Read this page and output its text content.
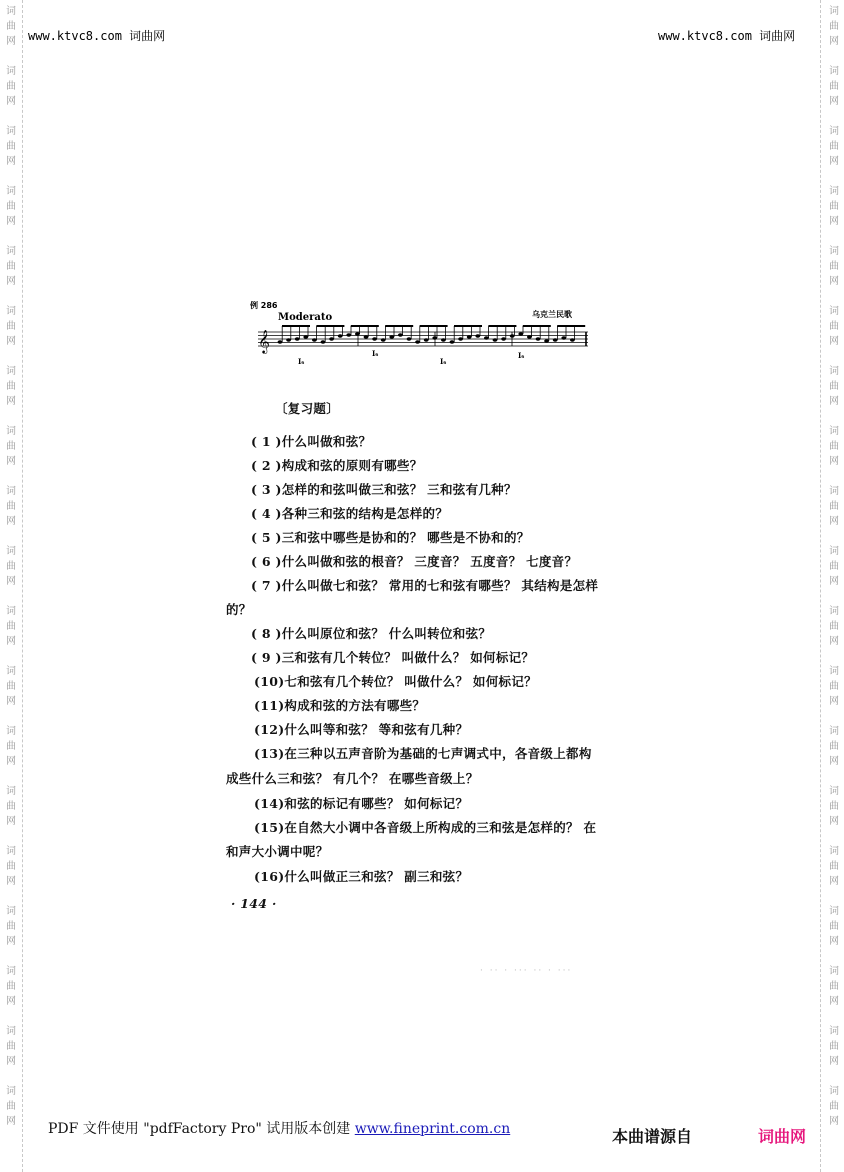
词
曲
网
词
曲
网
词
曲
网
词
曲
网
词
曲
网
词
曲
网
词
曲
网
词
曲
网
词
曲
网
词
曲
网
词
曲
网
词
曲
网
词
曲
网
词
曲
网
词
曲
网
词
曲
网
词
曲
网
词
曲
网
词
曲
网
词
曲
网
词
曲
网
词
曲
网
词
曲
网
词
曲
网
词
曲
网
词
曲
网
词
曲
网
词
曲
网
词
曲
网
词
曲
网
词
曲
网
词
曲
网
词
曲
网
词
曲
网
词
曲
网
词
曲
网
词
曲
网
词
曲
网
www.ktvc8.com 词曲网	www.ktvc8.com 词曲网
例 286
Moderato	乌克兰民歌
𝄞
I₆
I₆
I₆
I₆
〔复习题〕
( 1 )什么叫做和弦？
( 2 )构成和弦的原则有哪些？
( 3 )怎样的和弦叫做三和弦？ 三和弦有几种？
( 4 )各种三和弦的结构是怎样的？
( 5 )三和弦中哪些是协和的？ 哪些是不协和的？
( 6 )什么叫做和弦的根音？ 三度音？ 五度音？ 七度音？
( 7 )什么叫做七和弦？ 常用的七和弦有哪些？ 其结构是怎样
的？
( 8 )什么叫原位和弦？ 什么叫转位和弦？
( 9 )三和弦有几个转位？ 叫做什么？ 如何标记？
(10)七和弦有几个转位？ 叫做什么？ 如何标记？
(11)构成和弦的方法有哪些？
(12)什么叫等和弦？ 等和弦有几种？
(13)在三种以五声音阶为基础的七声调式中，各音级上都构
成些什么三和弦？ 有几个？ 在哪些音级上？
(14)和弦的标记有哪些？ 如何标记？
(15)在自然大小调中各音级上所构成的三和弦是怎样的？ 在
和声大小调中呢？
(16)什么叫做正三和弦？ 副三和弦？
· 144 ·
· ·· · ··· ·· · ···
PDF 文件使用 "pdfFactory Pro" 试用版本创建 www.fineprint.com.cn	本曲谱源自	词曲网
